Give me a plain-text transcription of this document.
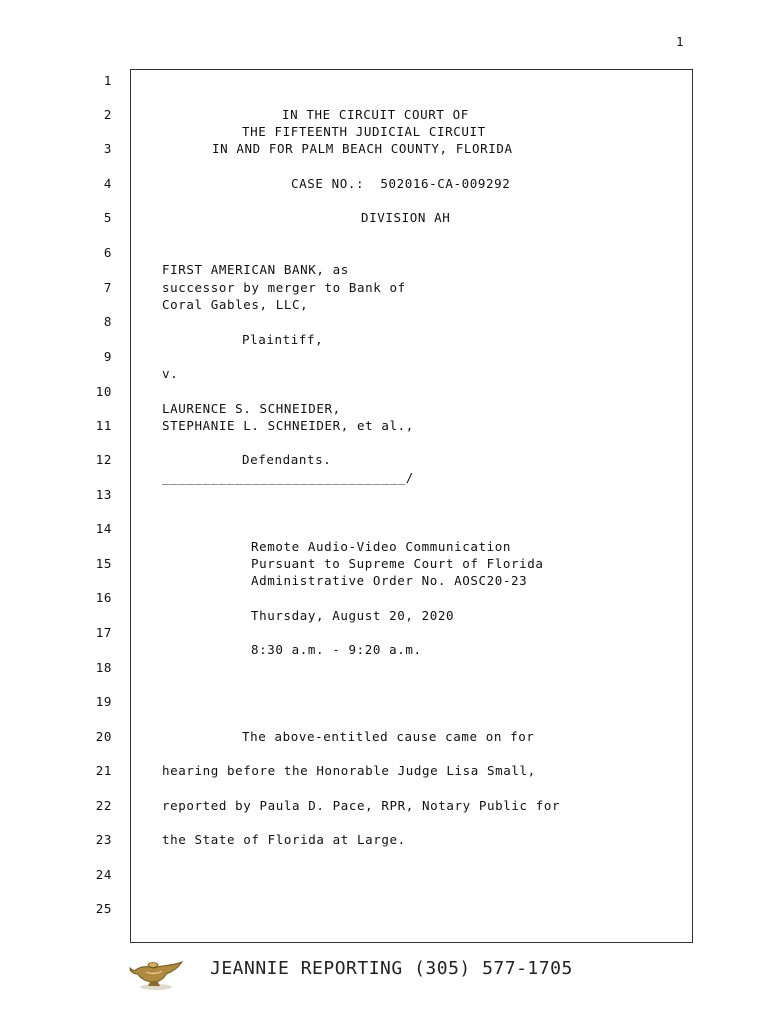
1
1
2
3
4
5
6
7
8
9
10
11
12
13
14
15
16
17
18
19
20
21
22
23
24
25
IN THE CIRCUIT COURT OF
THE FIFTEENTH JUDICIAL CIRCUIT
IN AND FOR PALM BEACH COUNTY, FLORIDA
CASE NO.:  502016-CA-009292
DIVISION AH
FIRST AMERICAN BANK, as
successor by merger to Bank of
Coral Gables, LLC,
Plaintiff,
v.
LAURENCE S. SCHNEIDER,
STEPHANIE L. SCHNEIDER, et al.,
Defendants.
______________________________/
Remote Audio-Video Communication
Pursuant to Supreme Court of Florida
Administrative Order No. AOSC20-23
Thursday, August 20, 2020
8:30 a.m. - 9:20 a.m.
The above-entitled cause came on for
hearing before the Honorable Judge Lisa Small,
reported by Paula D. Pace, RPR, Notary Public for
the State of Florida at Large.
JEANNIE REPORTING (305) 577-1705
